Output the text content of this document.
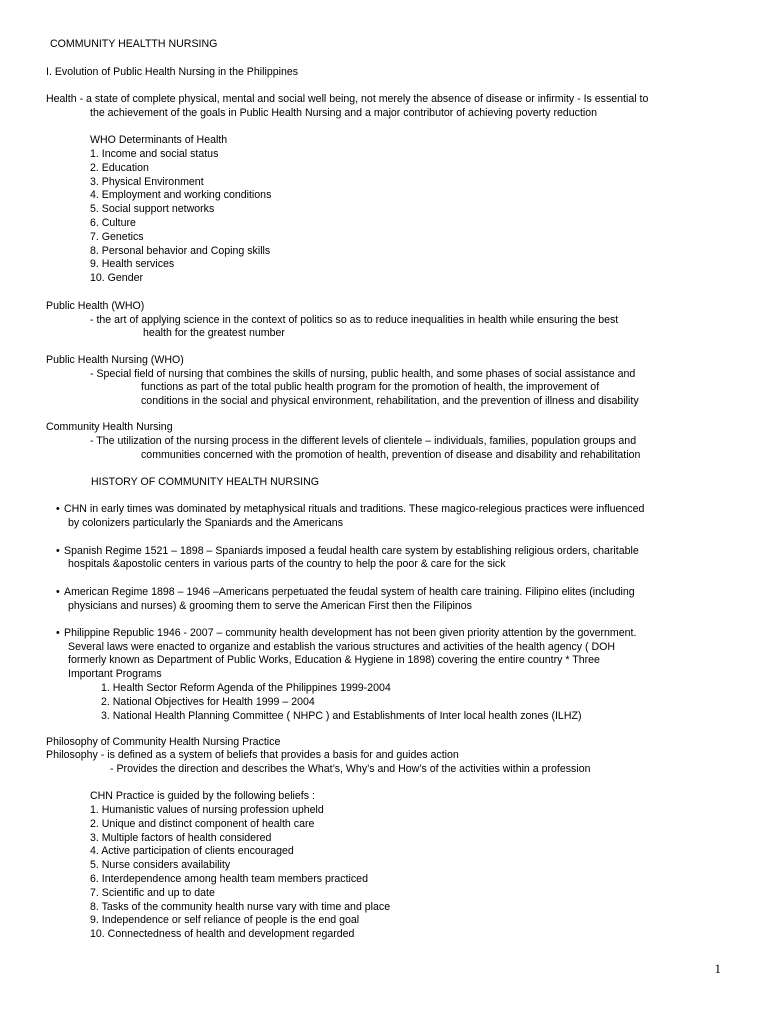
COMMUNITY HEALTTH NURSING
I. Evolution of Public Health Nursing in the Philippines
Health - a state of complete physical, mental and social well being, not merely the absence of disease or infirmity - Is essential to
the achievement of the goals in Public Health Nursing and a major contributor of achieving poverty reduction
WHO Determinants of Health
1. Income and social status
2. Education
3. Physical Environment
4. Employment and working conditions
5. Social support networks
6. Culture
7. Genetics
8. Personal behavior and Coping skills
9. Health services
10. Gender
Public Health (WHO)
- the art of applying science in the context of politics so as to reduce inequalities in health while ensuring the best
health for the greatest number
Public Health Nursing (WHO)
- Special field of nursing that combines the skills of nursing, public health, and some phases of social assistance and
functions as part of the total public health program for the promotion of health, the improvement of
conditions in the social and physical environment, rehabilitation, and the prevention of illness and disability
Community Health Nursing
- The utilization of the nursing process in the different levels of clientele – individuals, families, population groups and
communities concerned with the promotion of health, prevention of disease and disability and rehabilitation
HISTORY OF COMMUNITY HEALTH NURSING
• CHN in early times was dominated by metaphysical rituals and traditions. These magico-relegious practices were influenced
by colonizers particularly the Spaniards and the Americans
• Spanish Regime 1521 – 1898 – Spaniards imposed a feudal health care system by establishing religious orders, charitable
hospitals &apostolic centers in various parts of the country to help the poor & care for the sick
• American Regime 1898 – 1946 –Americans perpetuated the feudal system of health care training. Filipino elites (including
physicians and nurses) & grooming them to serve the American First then the Filipinos
• Philippine Republic 1946 - 2007 – community health development has not been given priority attention by the government.
Several laws were enacted to organize and establish the various structures and activities of the health agency ( DOH
formerly known as Department of Public Works, Education & Hygiene in 1898) covering the entire country * Three
Important Programs
1. Health Sector Reform Agenda of the Philippines 1999-2004
2. National Objectives for Health 1999 – 2004
3. National Health Planning Committee ( NHPC ) and Establishments of Inter local health zones (ILHZ)
Philosophy of Community Health Nursing Practice
Philosophy - is defined as a system of beliefs that provides a basis for and guides action
- Provides the direction and describes the What’s, Why’s and How’s of the activities within a profession
CHN Practice is guided by the following beliefs :
1. Humanistic values of nursing profession upheld
2. Unique and distinct component of health care
3. Multiple factors of health considered
4. Active participation of clients encouraged
5. Nurse considers availability
6. Interdependence among health team members practiced
7. Scientific and up to date
8. Tasks of the community health nurse vary with time and place
9. Independence or self reliance of people is the end goal
10. Connectedness of health and development regarded
1
